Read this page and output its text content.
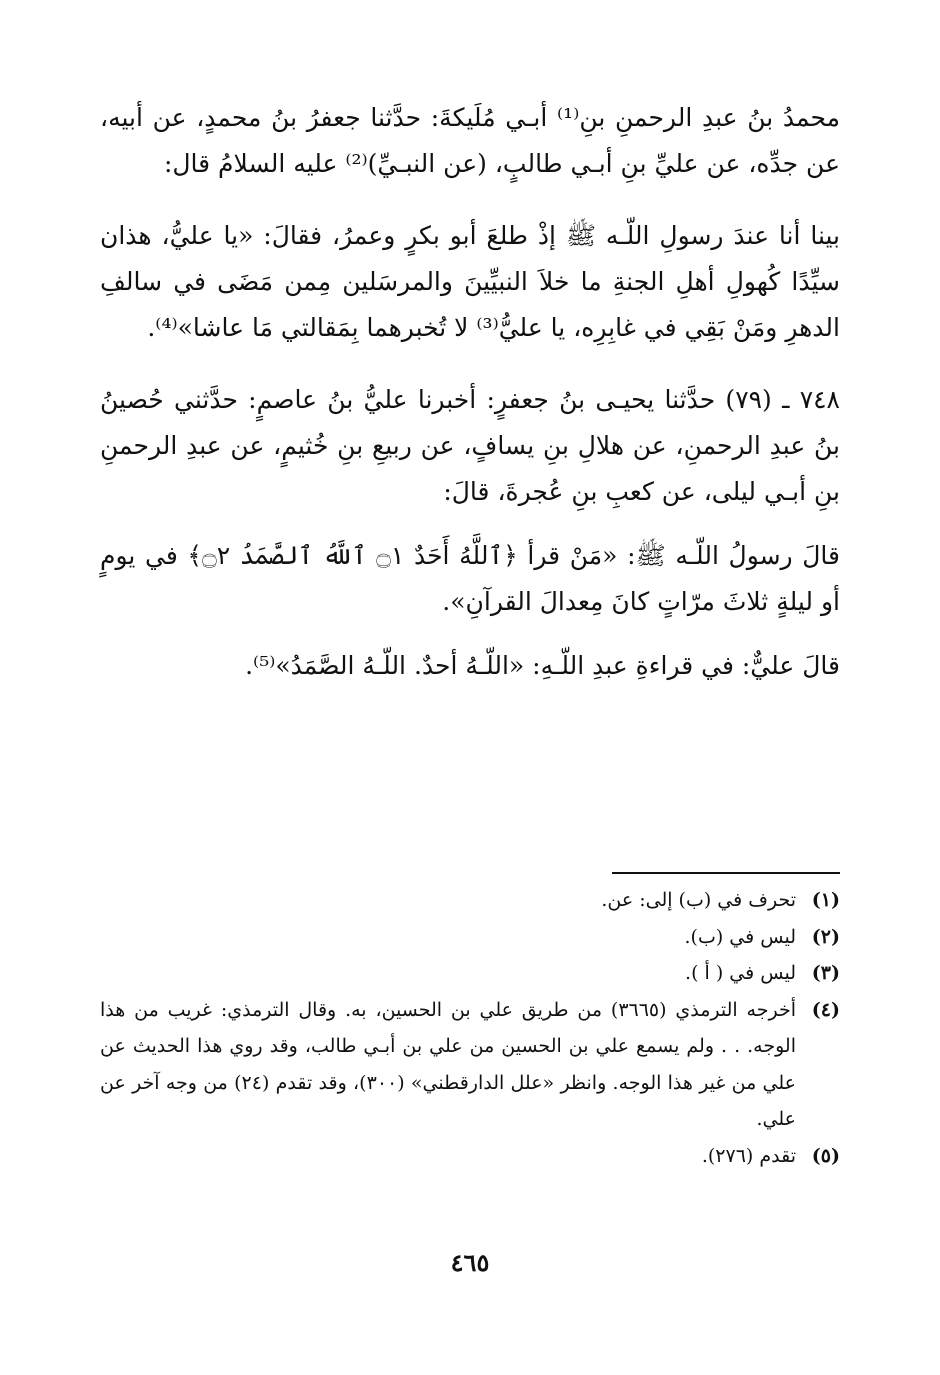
محمدُ بنُ عبدِ الرحمنِ بنِ⁽¹⁾ أبـي مُلَيكةَ: حدَّثنا جعفرُ بنُ محمدٍ، عن أبيه، عن جدِّه، عن عليِّ بنِ أبـي طالبٍ، (عن النبـيِّ)⁽²⁾ عليه السلامُ قال:

بينا أنا عندَ رسولِ اللّـه ﷺ إذْ طلعَ أبو بكرٍ وعمرُ، فقالَ: «يا عليُّ، هذان سيِّدًا كُهولِ أهلِ الجنةِ ما خلاَ النبيِّينَ والمرسَلين مِمن مَضَى في سالفِ الدهرِ ومَنْ بَقِي في غابِرِه، يا عليُّ⁽³⁾ لا تُخبرهما بِمَقالتي مَا عاشا»⁽⁴⁾.

٧٤٨ ـ (٧٩) حدَّثنا يحيـى بنُ جعفرٍ: أخبرنا عليُّ بنُ عاصمٍ: حدَّثني حُصينُ بنُ عبدِ الرحمنِ، عن هلالِ بنِ يسافٍ، عن ربيعِ بنِ خُثيمٍ، عن عبدِ الرحمنِ بنِ أبـي ليلى، عن كعبِ بنِ عُجرةَ، قالَ:

قالَ رسولُ اللّـه ﷺ: «مَنْ قرأ ﴿ٱللَّهُ أَحَدٌ ۝١ ٱللَّهُ ٱلصَّمَدُ ۝٢﴾ في يومٍ أو ليلةٍ ثلاثَ مرّاتٍ كانَ مِعدالَ القرآنِ».

قالَ عليٌّ: في قراءةِ عبدِ اللّـهِ: «اللّـهُ أحدٌ. اللّـهُ الصَّمَدُ»⁽⁵⁾.

(١)
تحرف في (ب) إلى: عن.
(٢)
ليس في (ب).
(٣)
ليس في ( أ ).
(٤)
أخرجه الترمذي (٣٦٦٥) من طريق علي بن الحسين، به. وقال الترمذي: غريب من هذا الوجه. . . ولم يسمع علي بن الحسين من علي بن أبـي طالب، وقد روي هذا الحديث عن علي من غير هذا الوجه. وانظر «علل الدارقطني» (٣٠٠)، وقد تقدم (٢٤) من وجه آخر عن علي.
(٥)
تقدم (٢٧٦).
٤٦٥
